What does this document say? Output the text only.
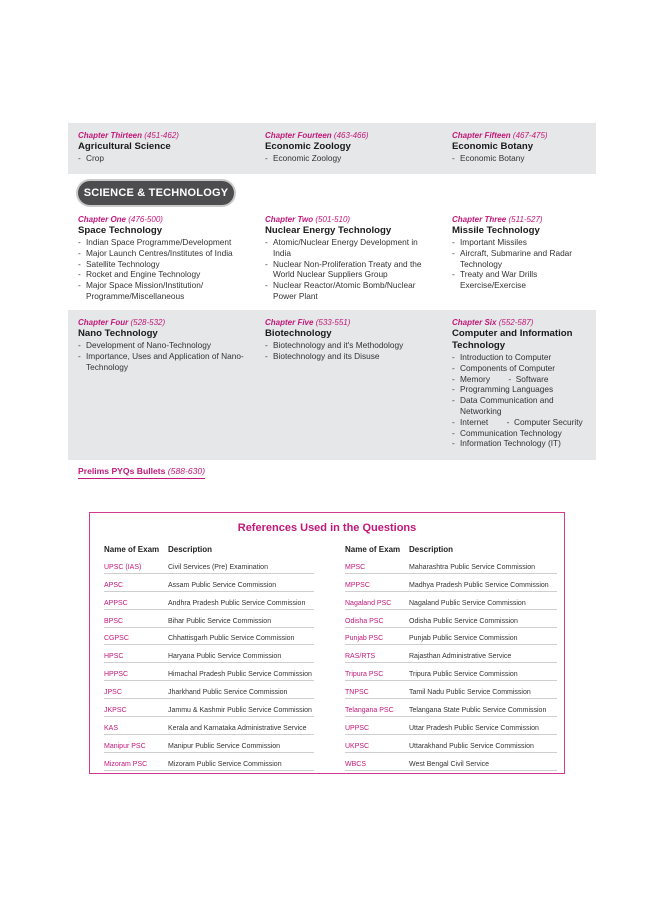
Chapter Thirteen (451-462)
Agricultural Science
- Crop
Chapter Fourteen (463-466)
Economic Zoology
- Economic Zoology
Chapter Fifteen (467-475)
Economic Botany
- Economic Botany
SCIENCE & TECHNOLOGY
Chapter One (476-500)
Space Technology
- Indian Space Programme/Development
- Major Launch Centres/Institutes of India
- Satellite Technology
- Rocket and Engine Technology
- Major Space Mission/Institution/ Programme/Miscellaneous
Chapter Two (501-510)
Nuclear Energy Technology
- Atomic/Nuclear Energy Development in India
- Nuclear Non-Proliferation Treaty and the World Nuclear Suppliers Group
- Nuclear Reactor/Atomic Bomb/Nuclear Power Plant
Chapter Three (511-527)
Missile Technology
- Important Missiles
- Aircraft, Submarine and Radar Technology
- Treaty and War Drills Exercise/Exercise
Chapter Four (528-532)
Nano Technology
- Development of Nano-Technology
- Importance, Uses and Application of Nano-Technology
Chapter Five (533-551)
Biotechnology
- Biotechnology and it's Methodology
- Biotechnology and its Disuse
Chapter Six (552-587)
Computer and Information Technology
- Introduction to Computer
- Components of Computer
- Memory        -  Software
- Programming Languages
- Data Communication and Networking
- Internet        -  Computer Security
- Communication Technology
- Information Technology (IT)
Prelims PYQs Bullets (588-630)
References Used in the Questions
Name of Exam	Description
UPSC (IAS)	Civil Services (Pre) Examination
APSC	Assam Public Service Commission
APPSC	Andhra Pradesh Public Service Commission
BPSC	Bihar Public Service Commission
CGPSC	Chhattisgarh Public Service Commission
HPSC	Haryana Public Service Commission
HPPSC	Himachal Pradesh Public Service Commission
JPSC	Jharkhand Public Service Commission
JKPSC	Jammu & Kashmir Public Service Commission
KAS	Kerala and Karnataka Administrative Service
Manipur PSC	Manipur Public Service Commission
Mizoram PSC	Mizoram Public Service Commission
Name of Exam	Description
MPSC	Maharashtra Public Service Commission
MPPSC	Madhya Pradesh Public Service Commission
Nagaland PSC	Nagaland Public Service Commission
Odisha PSC	Odisha Public Service Commission
Punjab PSC	Punjab Public Service Commission
RAS/RTS	Rajasthan Administrative Service
Tripura PSC	Tripura Public Service Commission
TNPSC	Tamil Nadu Public Service Commission
Telangana PSC	Telangana State Public Service Commission
UPPSC	Uttar Pradesh Public Service Commission
UKPSC	Uttarakhand Public Service Commission
WBCS	West Bengal Civil Service
